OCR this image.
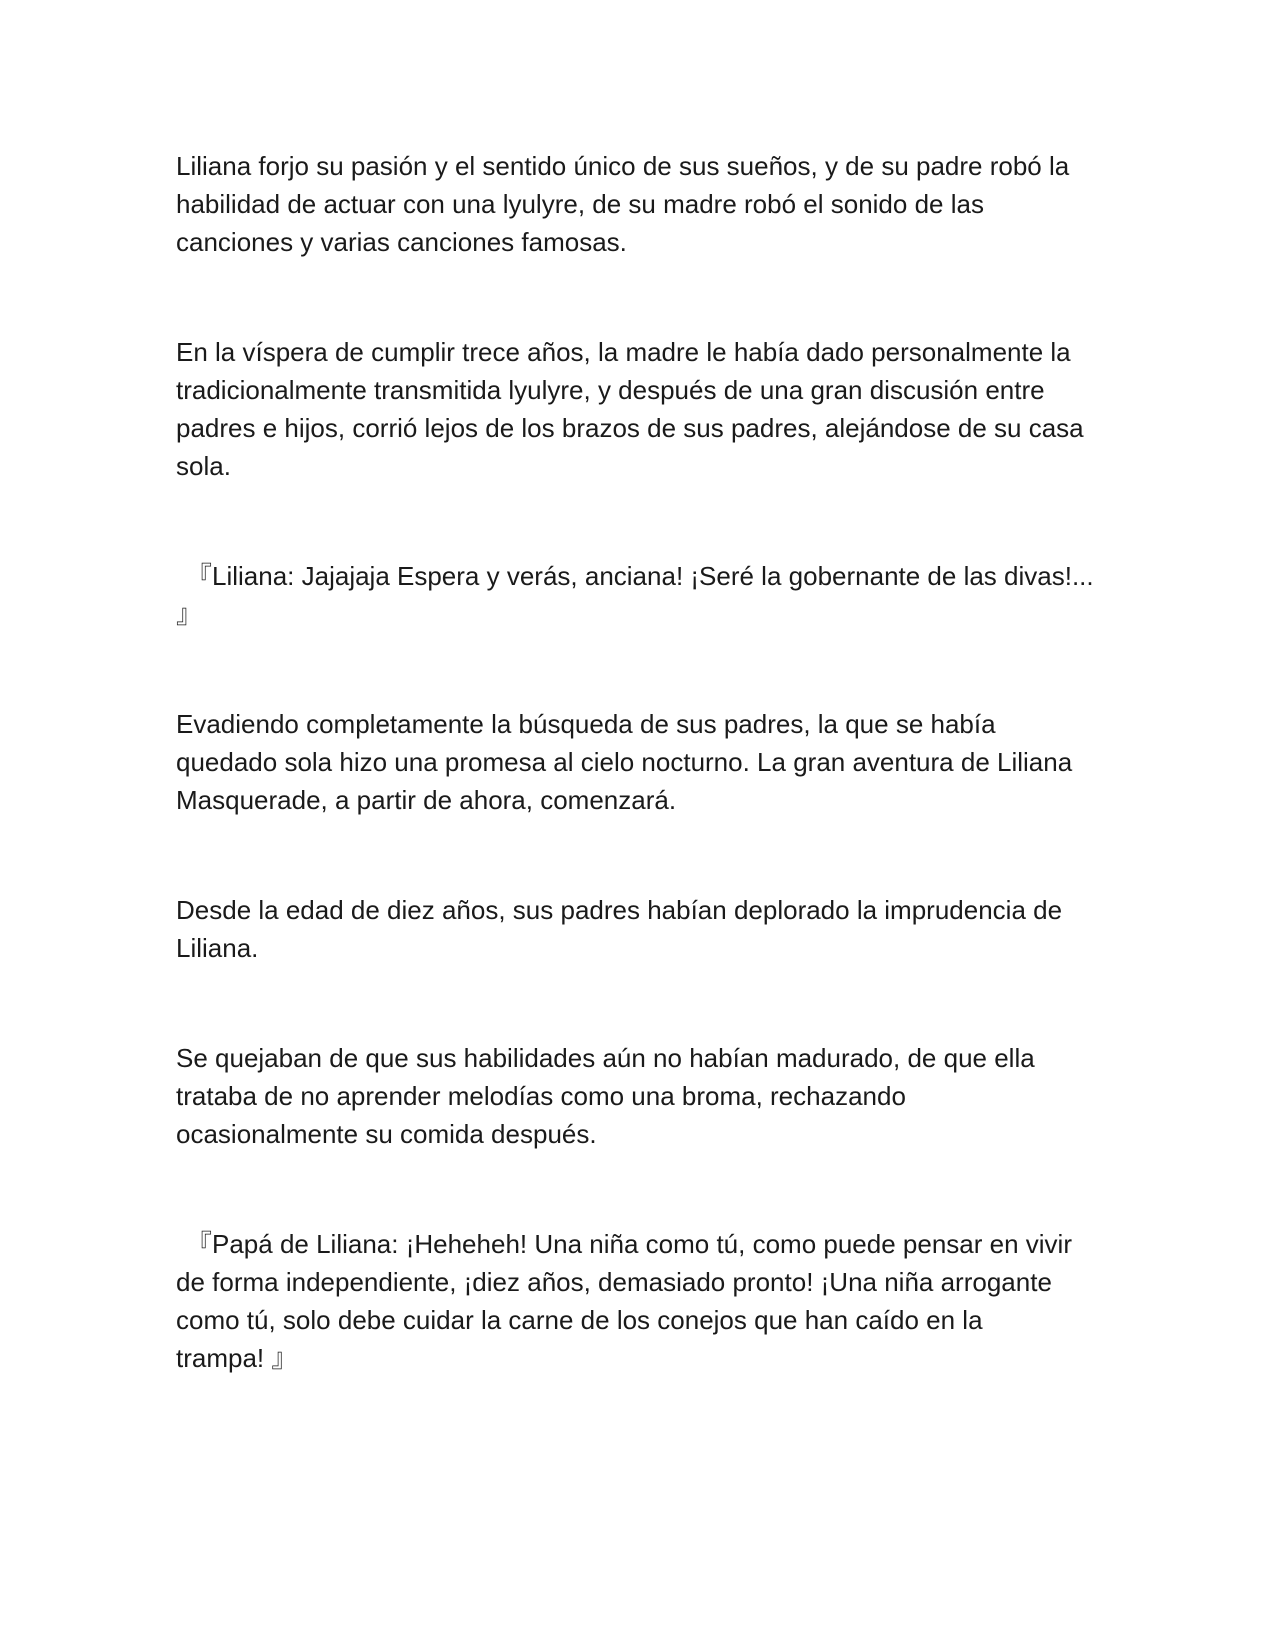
Liliana forjo su pasión y el sentido único de sus sueños, y de su padre robó la
habilidad de actuar con una lyulyre, de su madre robó el sonido de las
canciones y varias canciones famosas.

En la víspera de cumplir trece años, la madre le había dado personalmente la
tradicionalmente transmitida lyulyre, y después de una gran discusión entre
padres e hijos, corrió lejos de los brazos de sus padres, alejándose de su casa
sola.

『Liliana: Jajajaja Espera y verás, anciana! ¡Seré la gobernante de las divas!...
』

Evadiendo completamente la búsqueda de sus padres, la que se había
quedado sola hizo una promesa al cielo nocturno. La gran aventura de Liliana
Masquerade, a partir de ahora, comenzará.

Desde la edad de diez años, sus padres habían deplorado la imprudencia de
Liliana.

Se quejaban de que sus habilidades aún no habían madurado, de que ella
trataba de no aprender melodías como una broma, rechazando
ocasionalmente su comida después.

『Papá de Liliana: ¡Heheheh! Una niña como tú, como puede pensar en vivir
de forma independiente, ¡diez años, demasiado pronto! ¡Una niña arrogante
como tú, solo debe cuidar la carne de los conejos que han caído en la
trampa! 』
